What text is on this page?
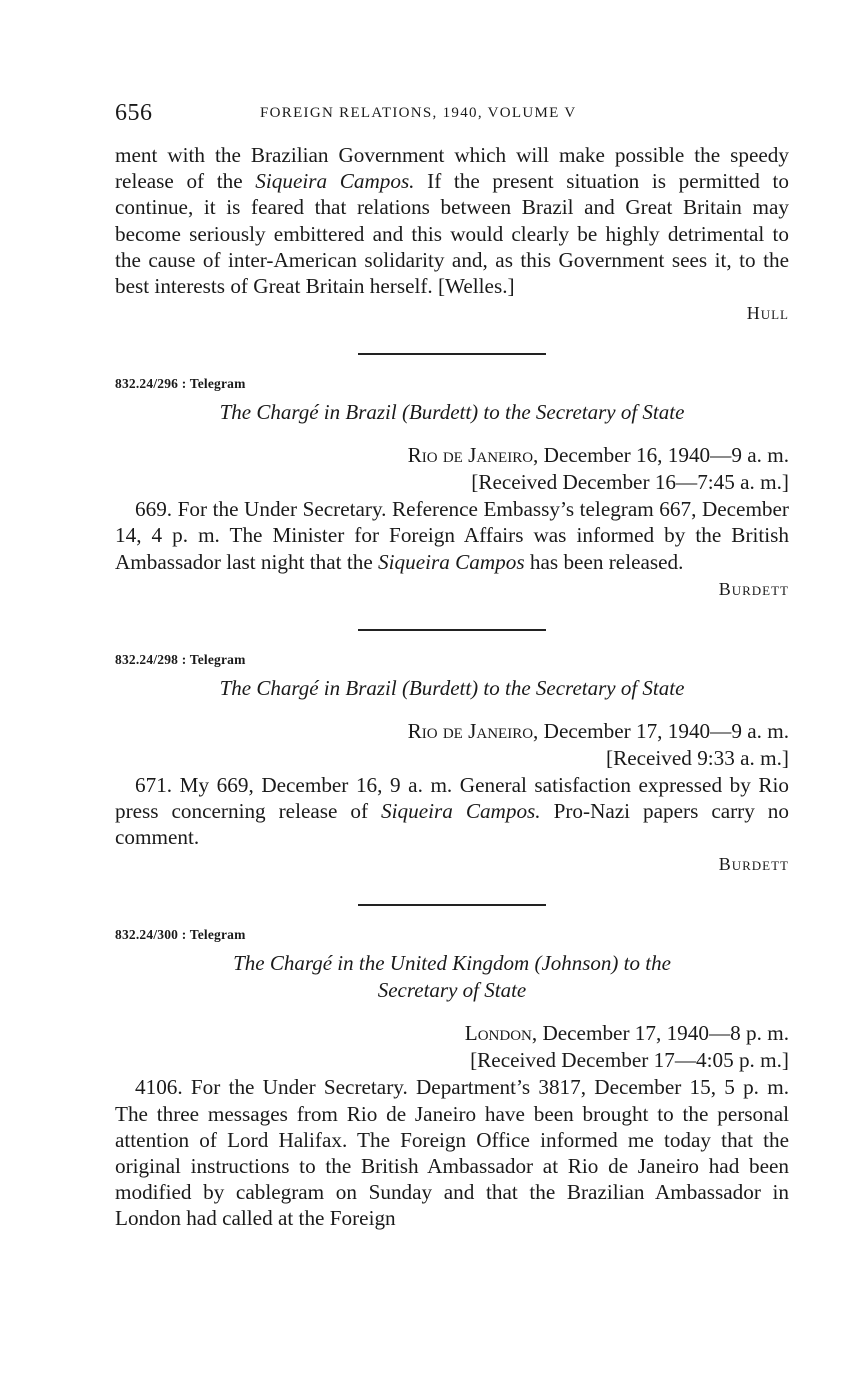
656	FOREIGN RELATIONS, 1940, VOLUME V

ment with the Brazilian Government which will make possible the speedy release of the Siqueira Campos. If the present situation is permitted to continue, it is feared that relations between Brazil and Great Britain may become seriously embittered and this would clearly be highly detrimental to the cause of inter-American solidarity and, as this Government sees it, to the best interests of Great Britain herself. [Welles.]

Hull
832.24/296 : Telegram
The Chargé in Brazil (Burdett) to the Secretary of State
Rio de Janeiro, December 16, 1940—9 a. m.
[Received December 16—7:45 a. m.]

669. For the Under Secretary. Reference Embassy’s telegram 667, December 14, 4 p. m. The Minister for Foreign Affairs was informed by the British Ambassador last night that the Siqueira Campos has been released.

Burdett
832.24/298 : Telegram
The Chargé in Brazil (Burdett) to the Secretary of State
Rio de Janeiro, December 17, 1940—9 a. m.
[Received 9:33 a. m.]

671. My 669, December 16, 9 a. m. General satisfaction expressed by Rio press concerning release of Siqueira Campos. Pro-Nazi papers carry no comment.

Burdett
832.24/300 : Telegram
The Chargé in the United Kingdom (Johnson) to the
Secretary of State
London, December 17, 1940—8 p. m.
[Received December 17—4:05 p. m.]

4106. For the Under Secretary. Department’s 3817, December 15, 5 p. m. The three messages from Rio de Janeiro have been brought to the personal attention of Lord Halifax. The Foreign Office informed me today that the original instructions to the British Ambassador at Rio de Janeiro had been modified by cablegram on Sunday and that the Brazilian Ambassador in London had called at the Foreign
